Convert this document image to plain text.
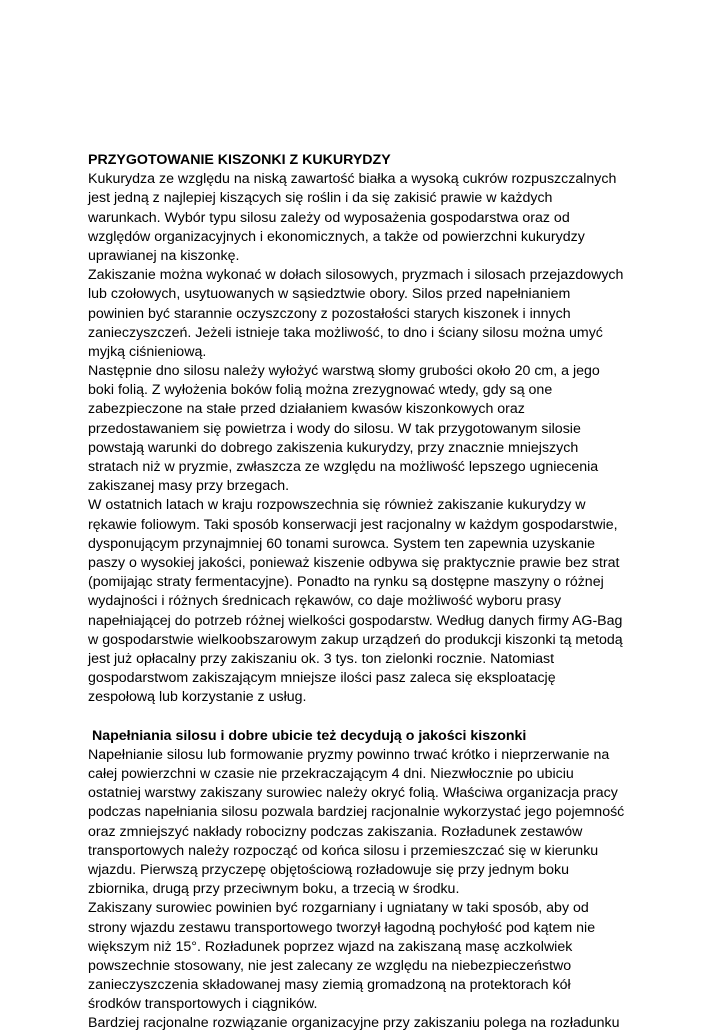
PRZYGOTOWANIE KISZONKI Z KUKURYDZY
Kukurydza ze względu na niską zawartość białka a wysoką cukrów rozpuszczalnych
jest jedną z najlepiej kiszących się roślin i da się zakisić prawie w każdych
warunkach. Wybór typu silosu zależy od wyposażenia gospodarstwa oraz od
względów organizacyjnych i ekonomicznych, a także od powierzchni kukurydzy
uprawianej na kiszonkę.
Zakiszanie można wykonać w dołach silosowych, pryzmach i silosach przejazdowych
lub czołowych, usytuowanych w sąsiedztwie obory. Silos przed napełnianiem
powinien być starannie oczyszczony z pozostałości starych kiszonek i innych
zanieczyszczeń. Jeżeli istnieje taka możliwość, to dno i ściany silosu można umyć
myjką ciśnieniową.
Następnie dno silosu należy wyłożyć warstwą słomy grubości około 20 cm, a jego
boki folią. Z wyłożenia boków folią można zrezygnować wtedy, gdy są one
zabezpieczone na stałe przed działaniem kwasów kiszonkowych oraz
przedostawaniem się powietrza i wody do silosu. W tak przygotowanym silosie
powstają warunki do dobrego zakiszenia kukurydzy, przy znacznie mniejszych
stratach niż w pryzmie, zwłaszcza ze względu na możliwość lepszego ugniecenia
zakiszanej masy przy brzegach.
W ostatnich latach w kraju rozpowszechnia się również zakiszanie kukurydzy w
rękawie foliowym. Taki sposób konserwacji jest racjonalny w każdym gospodarstwie,
dysponującym przynajmniej 60 tonami surowca. System ten zapewnia uzyskanie
paszy o wysokiej jakości, ponieważ kiszenie odbywa się praktycznie prawie bez strat
(pomijając straty fermentacyjne). Ponadto na rynku są dostępne maszyny o różnej
wydajności i różnych średnicach rękawów, co daje możliwość wyboru prasy
napełniającej do potrzeb różnej wielkości gospodarstw. Według danych firmy AG-Bag
w gospodarstwie wielkoobszarowym zakup urządzeń do produkcji kiszonki tą metodą
jest już opłacalny przy zakiszaniu ok. 3 tys. ton zielonki rocznie. Natomiast
gospodarstwom zakiszającym mniejsze ilości pasz zaleca się eksploatację
zespołową lub korzystanie z usług.
Napełniania silosu i dobre ubicie też decydują o jakości kiszonki
Napełnianie silosu lub formowanie pryzmy powinno trwać krótko i nieprzerwanie na
całej powierzchni w czasie nie przekraczającym 4 dni. Niezwłocznie po ubiciu
ostatniej warstwy zakiszany surowiec należy okryć folią. Właściwa organizacja pracy
podczas napełniania silosu pozwala bardziej racjonalnie wykorzystać jego pojemność
oraz zmniejszyć nakłady robocizny podczas zakiszania. Rozładunek zestawów
transportowych należy rozpocząć od końca silosu i przemieszczać się w kierunku
wjazdu. Pierwszą przyczepę objętościową rozładowuje się przy jednym boku
zbiornika, drugą przy przeciwnym boku, a trzecią w środku.
Zakiszany surowiec powinien być rozgarniany i ugniatany w taki sposób, aby od
strony wjazdu zestawu transportowego tworzył łagodną pochyłość pod kątem nie
większym niż 15°. Rozładunek poprzez wjazd na zakiszaną masę aczkolwiek
powszechnie stosowany, nie jest zalecany ze względu na niebezpieczeństwo
zanieczyszczenia składowanej masy ziemią gromadzoną na protektorach kół
środków transportowych i ciągników.
Bardziej racjonalne rozwiązanie organizacyjne przy zakiszaniu polega na rozładunku
